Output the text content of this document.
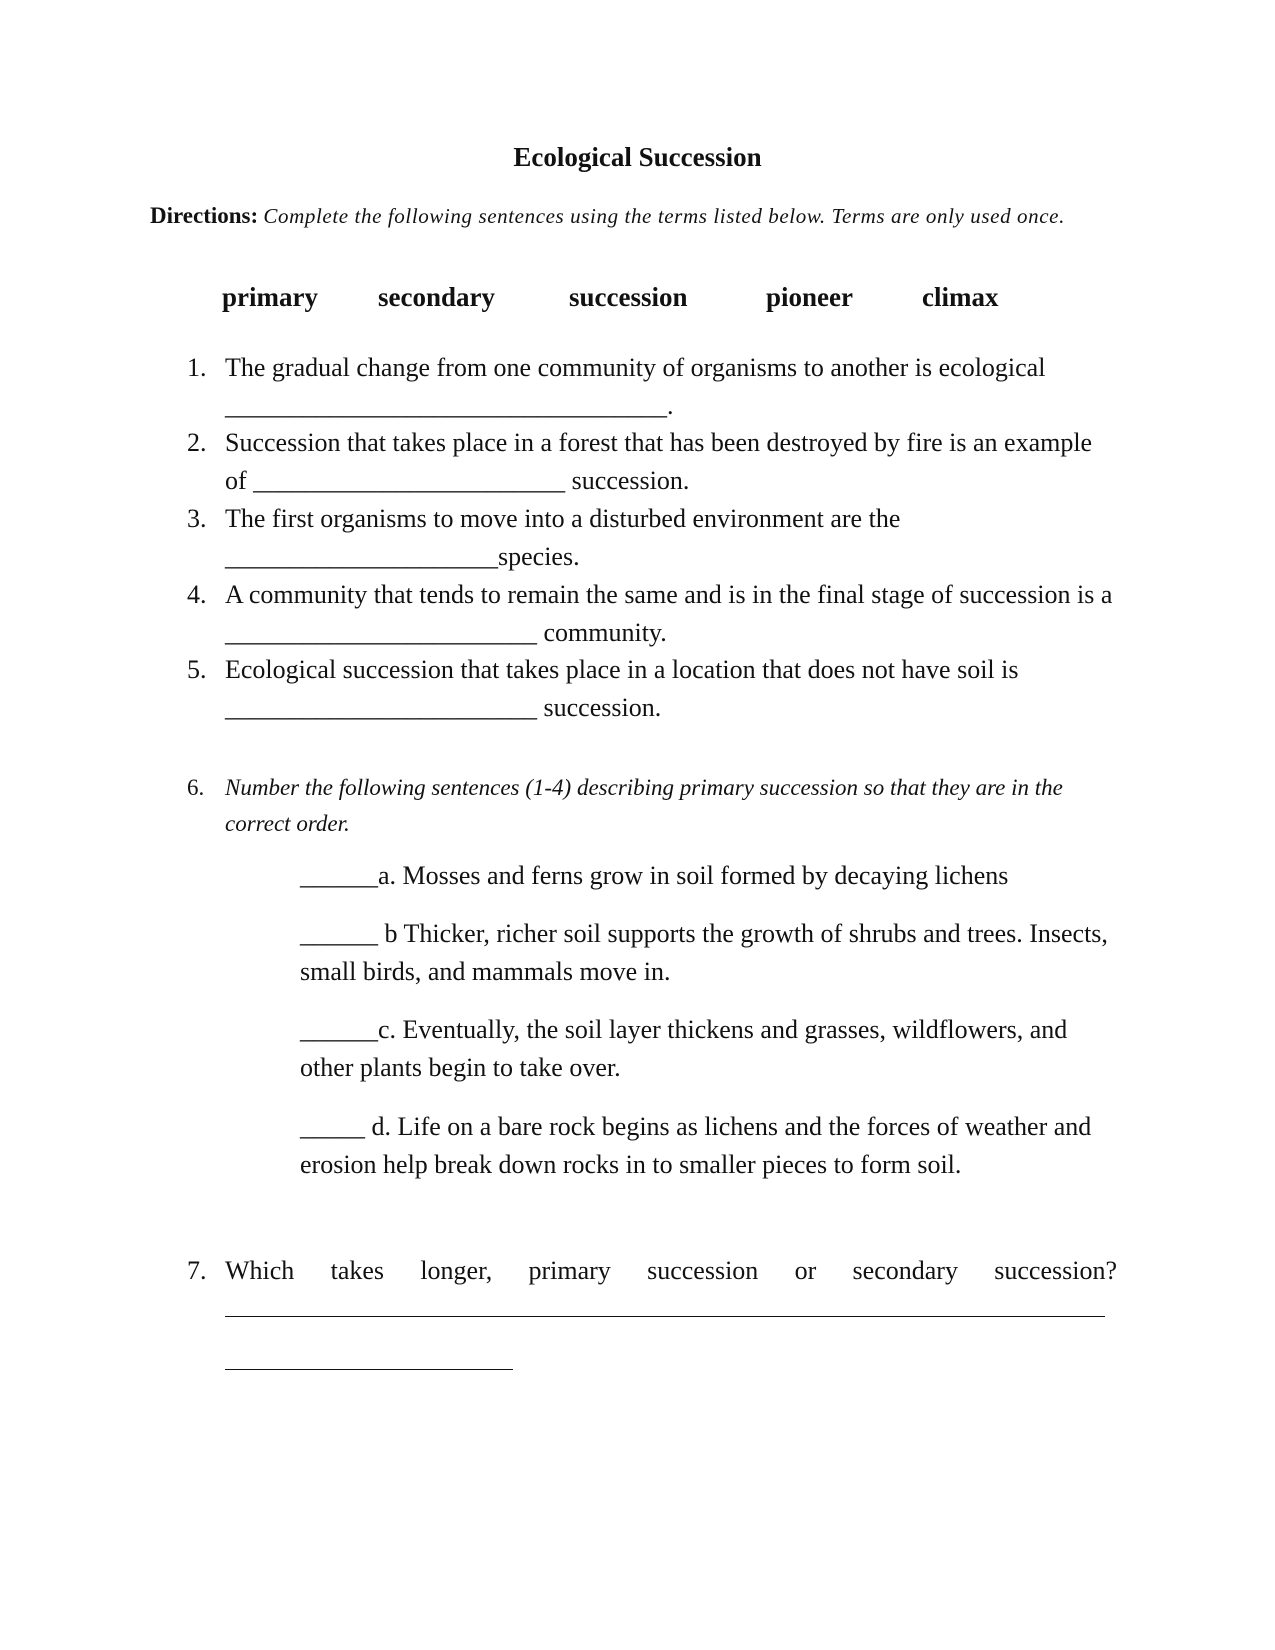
Ecological Succession
Directions: Complete the following sentences using the terms listed below. Terms are only used once.
primary secondary	succession	pioneer	climax
1. The gradual change from one community of organisms to another is ecological __________________________________.
2. Succession that takes place in a forest that has been destroyed by fire is an example of ________________________ succession.
3. The first organisms to move into a disturbed environment are the _____________________species.
4. A community that tends to remain the same and is in the final stage of succession is a ________________________ community.
5. Ecological succession that takes place in a location that does not have soil is ________________________ succession.
6. Number the following sentences (1-4) describing primary succession so that they are in the correct order.
______a. Mosses and ferns grow in soil formed by decaying lichens
______ b Thicker, richer soil supports the growth of shrubs and trees. Insects, small birds, and mammals move in.
______c. Eventually, the soil layer thickens and grasses, wildflowers, and other plants begin to take over.
_____ d. Life on a bare rock begins as lichens and the forces of weather and erosion help break down rocks in to smaller pieces to form soil.
7. Which takes longer, primary succession or secondary succession?
